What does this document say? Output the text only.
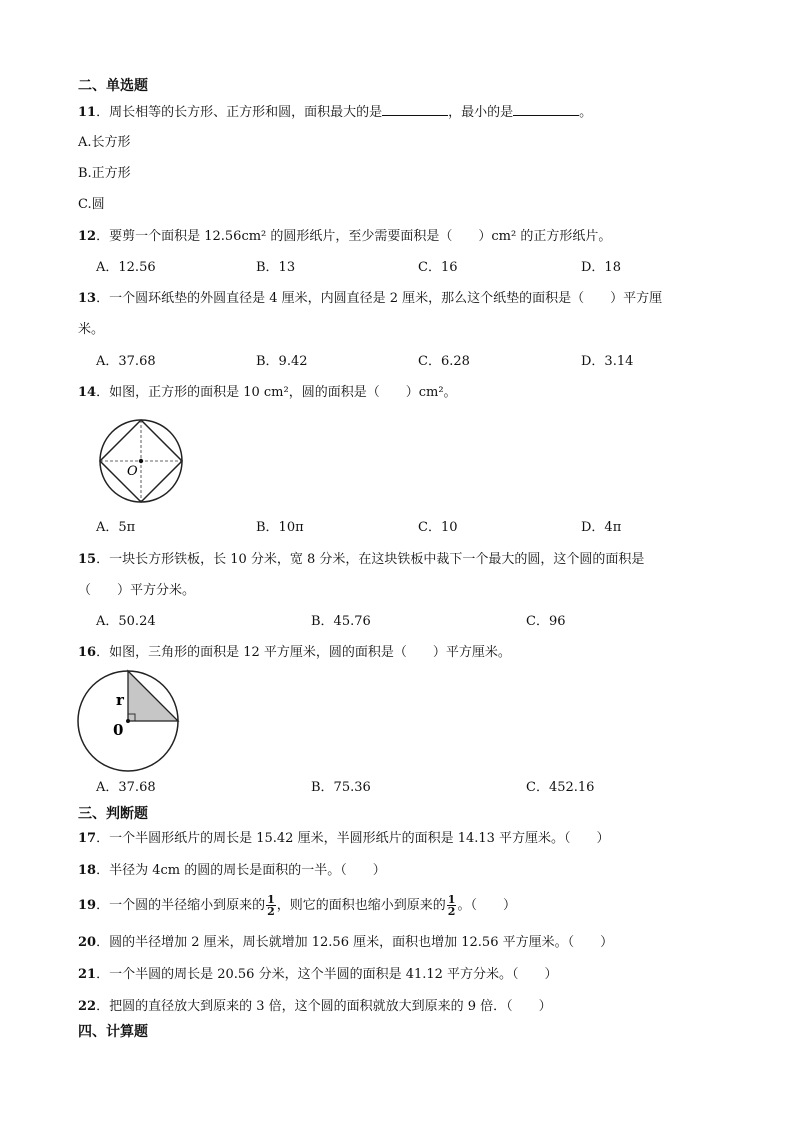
二、单选题
11．周长相等的长方形、正方形和圆，面积最大的是	，最小的是	。
A.长方形
B.正方形
C.圆
12．要剪一个面积是 12.56cm² 的圆形纸片，至少需要面积是（　　）cm² 的正方形纸片。
A．12.56	B．13	C．16	D．18
13．一个圆环纸垫的外圆直径是 4 厘米，内圆直径是 2 厘米，那么这个纸垫的面积是（　　）平方厘
米。
A．37.68	B．9.42	C．6.28	D．3.14
14．如图，正方形的面积是 10 cm²，圆的面积是（　　）cm²。
O
A．5π	B．10π	C．10	D．4π
15．一块长方形铁板，长 10 分米，宽 8 分米，在这块铁板中裁下一个最大的圆，这个圆的面积是
（　　）平方分米。
A．50.24	B．45.76	C．96
16．如图，三角形的面积是 12 平方厘米，圆的面积是（　　）平方厘米。
r
0
A．37.68	B．75.36	C．452.16
三、判断题
17．一个半圆形纸片的周长是 15.42 厘米，半圆形纸片的面积是 14.13 平方厘米。（　　）
18．半径为 4cm 的圆的周长是面积的一半。（　　）
19．一个圆的半径缩小到原来的 $\frac{1}{2}$ ，则它的面积也缩小到原来的 $\frac{1}{2}$ 。（　　）
20．圆的半径增加 2 厘米，周长就增加 12.56 厘米，面积也增加 12.56 平方厘米。（　　）
21．一个半圆的周长是 20.56 分米，这个半圆的面积是 41.12 平方分米。（　　）
22．把圆的直径放大到原来的 3 倍，这个圆的面积就放大到原来的 9 倍．（　　）
四、计算题
